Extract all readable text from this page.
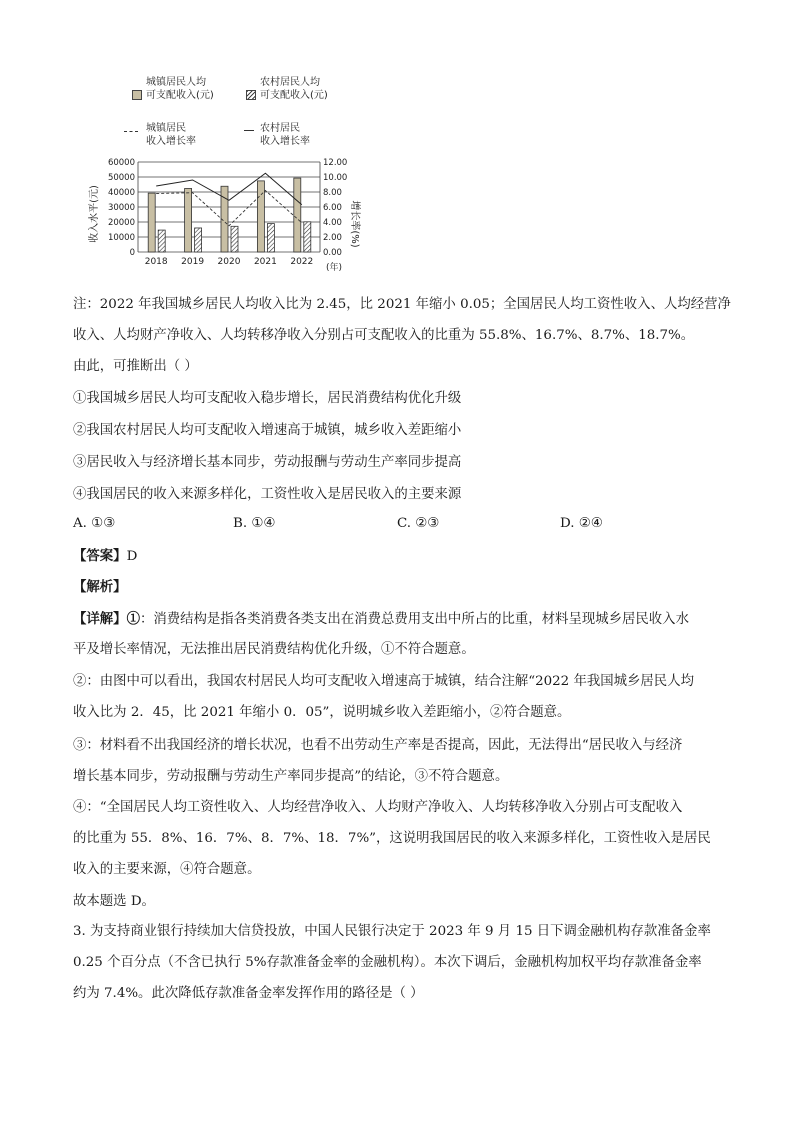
城镇居民人均
可支配收入(元)
农村居民人均
可支配收入(元)
城镇居民
收入增长率
农村居民
收入增长率
收入水平(元)	增长率(%)
(年)
0
10000
20000
30000
40000
50000
60000
0.00
2.00
4.00
6.00
8.00
10.00
12.00
2018 2019 2020 2021 2022
注：2022 年我国城乡居民人均收入比为 2.45，比 2021 年缩小 0.05；全国居民人均工资性收入、人均经营净
收入、人均财产净收入、人均转移净收入分别占可支配收入的比重为 55.8%、16.7%、8.7%、18.7%。
由此，可推断出（ ）
①我国城乡居民人均可支配收入稳步增长，居民消费结构优化升级
②我国农村居民人均可支配收入增速高于城镇，城乡收入差距缩小
③居民收入与经济增长基本同步，劳动报酬与劳动生产率同步提高
④我国居民的收入来源多样化，工资性收入是居民收入的主要来源
A. ①③	B. ①④	C. ②③	D. ②④
【答案】D
【解析】
【详解】①：消费结构是指各类消费各类支出在消费总费用支出中所占的比重，材料呈现城乡居民收入水
平及增长率情况，无法推出居民消费结构优化升级，①不符合题意。
②：由图中可以看出，我国农村居民人均可支配收入增速高于城镇，结合注解“2022 年我国城乡居民人均
收入比为 2．45，比 2021 年缩小 0．05”，说明城乡收入差距缩小，②符合题意。
③：材料看不出我国经济的增长状况，也看不出劳动生产率是否提高，因此，无法得出“居民收入与经济
增长基本同步，劳动报酬与劳动生产率同步提高”的结论，③不符合题意。
④：“全国居民人均工资性收入、人均经营净收入、人均财产净收入、人均转移净收入分别占可支配收入
的比重为 55．8%、16．7%、8．7%、18．7%”，这说明我国居民的收入来源多样化，工资性收入是居民
收入的主要来源，④符合题意。
故本题选 D。
3. 为支持商业银行持续加大信贷投放，中国人民银行决定于 2023 年 9 月 15 日下调金融机构存款准备金率
0.25 个百分点（不含已执行 5%存款准备金率的金融机构）。本次下调后，金融机构加权平均存款准备金率
约为 7.4%。此次降低存款准备金率发挥作用的路径是（ ）
